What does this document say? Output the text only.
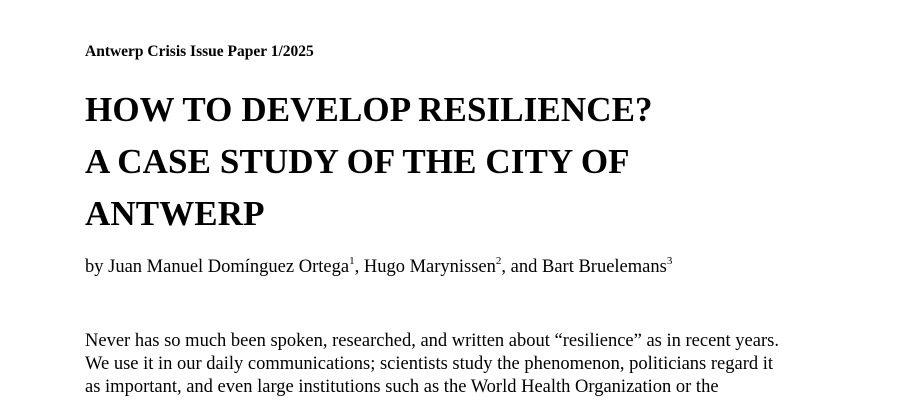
Antwerp Crisis Issue Paper 1/2025
HOW TO DEVELOP RESILIENCE?
A CASE STUDY OF THE CITY OF
ANTWERP
by Juan Manuel Domínguez Ortega$^1$, Hugo Marynissen$^2$, and Bart Bruelemans$^3$
Never has so much been spoken, researched, and written about “resilience” as in recent years.
We use it in our daily communications; scientists study the phenomenon, politicians regard it
as important, and even large institutions such as the World Health Organization or the
